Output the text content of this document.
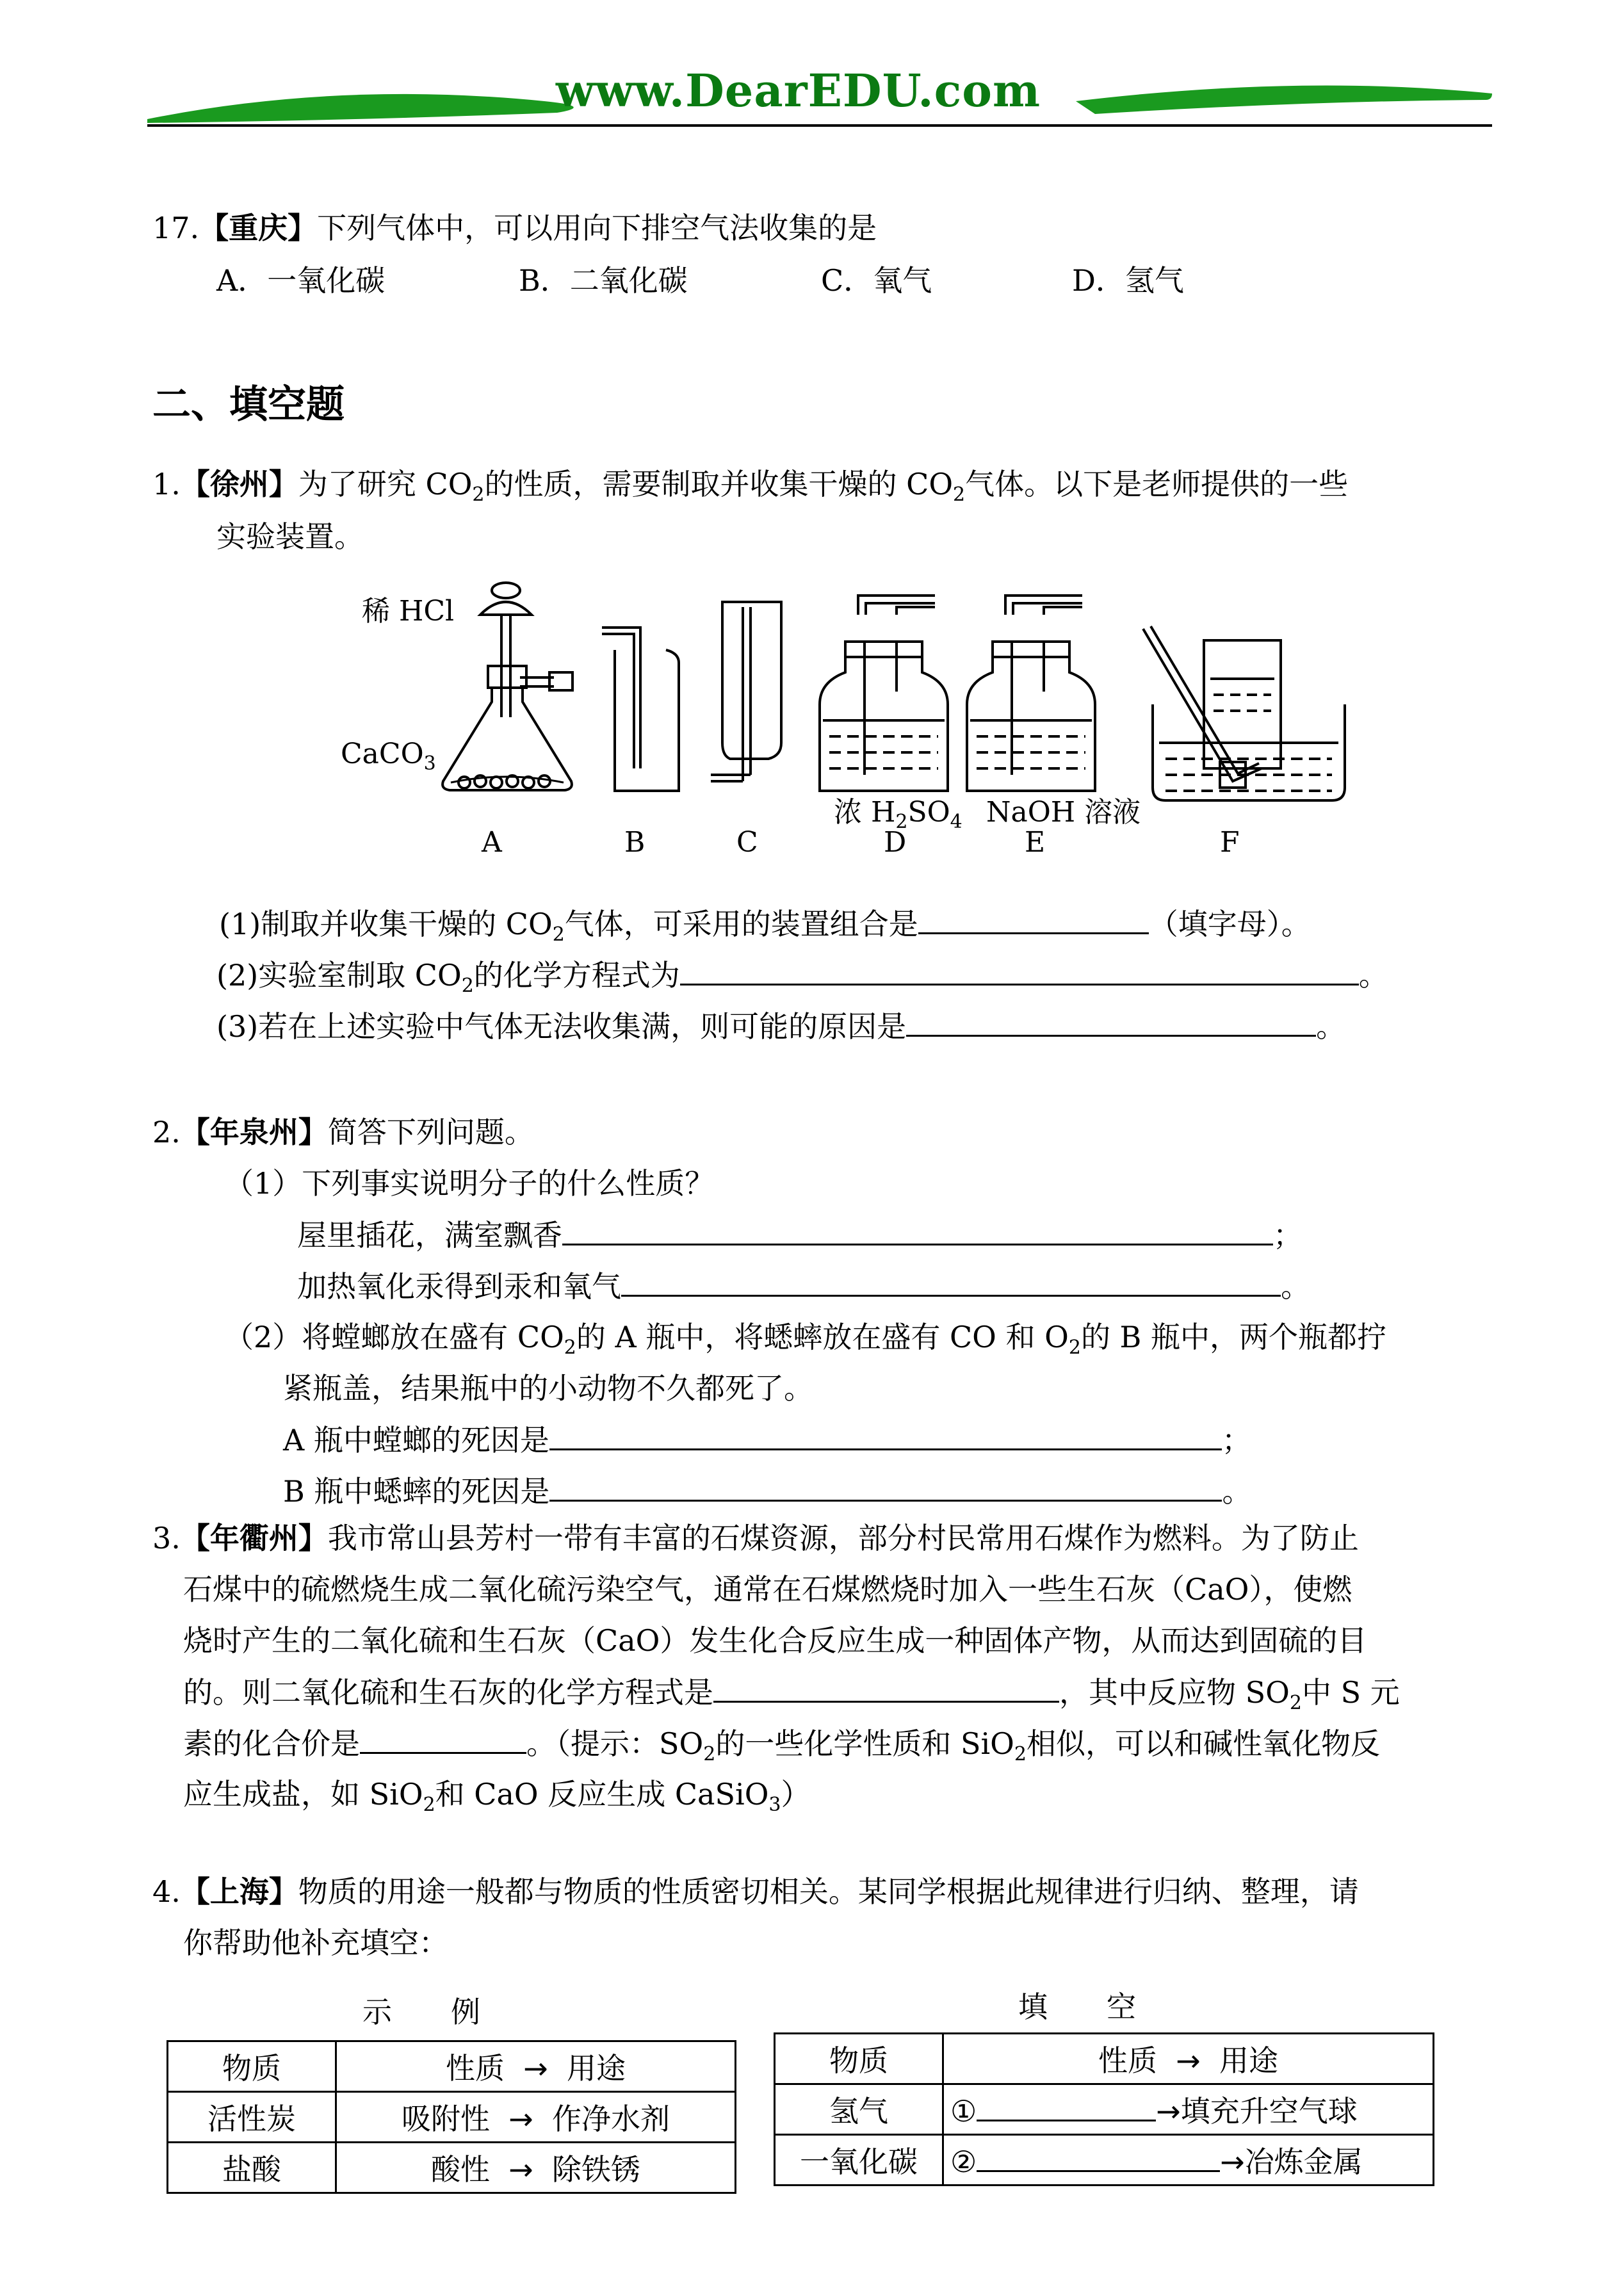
www.DearEDU.com
17.【重庆】下列气体中，可以用向下排空气法收集的是
A．一氧化碳	B．二氧化碳	C．氧气	D．氢气
二、填空题
1.【徐州】为了研究 $CO_2$的性质，需要制取并收集干燥的 $CO_2$气体。以下是老师提供的一些
实验装置。
稀 HCl
CaCO$_3$
浓 $H_2SO_4$ NaOH 溶液
A	B	C	D	E	F
(1)制取并收集干燥的 $CO_2$气体，可采用的装置组合是	（填字母）。
(2)实验室制取 $CO_2$的化学方程式为	。
(3)若在上述实验中气体无法收集满，则可能的原因是	。
2.【年泉州】简答下列问题。
（1）下列事实说明分子的什么性质？
屋里插花，满室飘香	；
加热氧化汞得到汞和氧气	。
（2）将螳螂放在盛有 $CO_2$的 A 瓶中，将蟋蟀放在盛有 CO 和 $O_2$的 B 瓶中，两个瓶都拧
紧瓶盖，结果瓶中的小动物不久都死了。
A 瓶中螳螂的死因是	；
B 瓶中蟋蟀的死因是	。
3.【年衢州】我市常山县芳村一带有丰富的石煤资源，部分村民常用石煤作为燃料。为了防止
石煤中的硫燃烧生成二氧化硫污染空气，通常在石煤燃烧时加入一些生石灰（CaO），使燃
烧时产生的二氧化硫和生石灰（CaO）发生化合反应生成一种固体产物，从而达到固硫的目
的。则二氧化硫和生石灰的化学方程式是	，其中反应物 $SO_2$中 S 元
素的化合价是	。（提示：$SO_2$的一些化学性质和 SiO$_2$相似，可以和碱性氧化物反
应生成盐，如 SiO$_2$和 CaO 反应生成 CaSiO$_3$）
4.【上海】物质的用途一般都与物质的性质密切相关。某同学根据此规律进行归纳、整理，请
你帮助他补充填空：
示　　例	填　　空
物质	性质 → 用途
活性炭	吸附性 → 作净水剂
盐酸	酸性 → 除铁锈
物质	性质 → 用途
氢气	① →填充升空气球
一氧化碳	② →冶炼金属
